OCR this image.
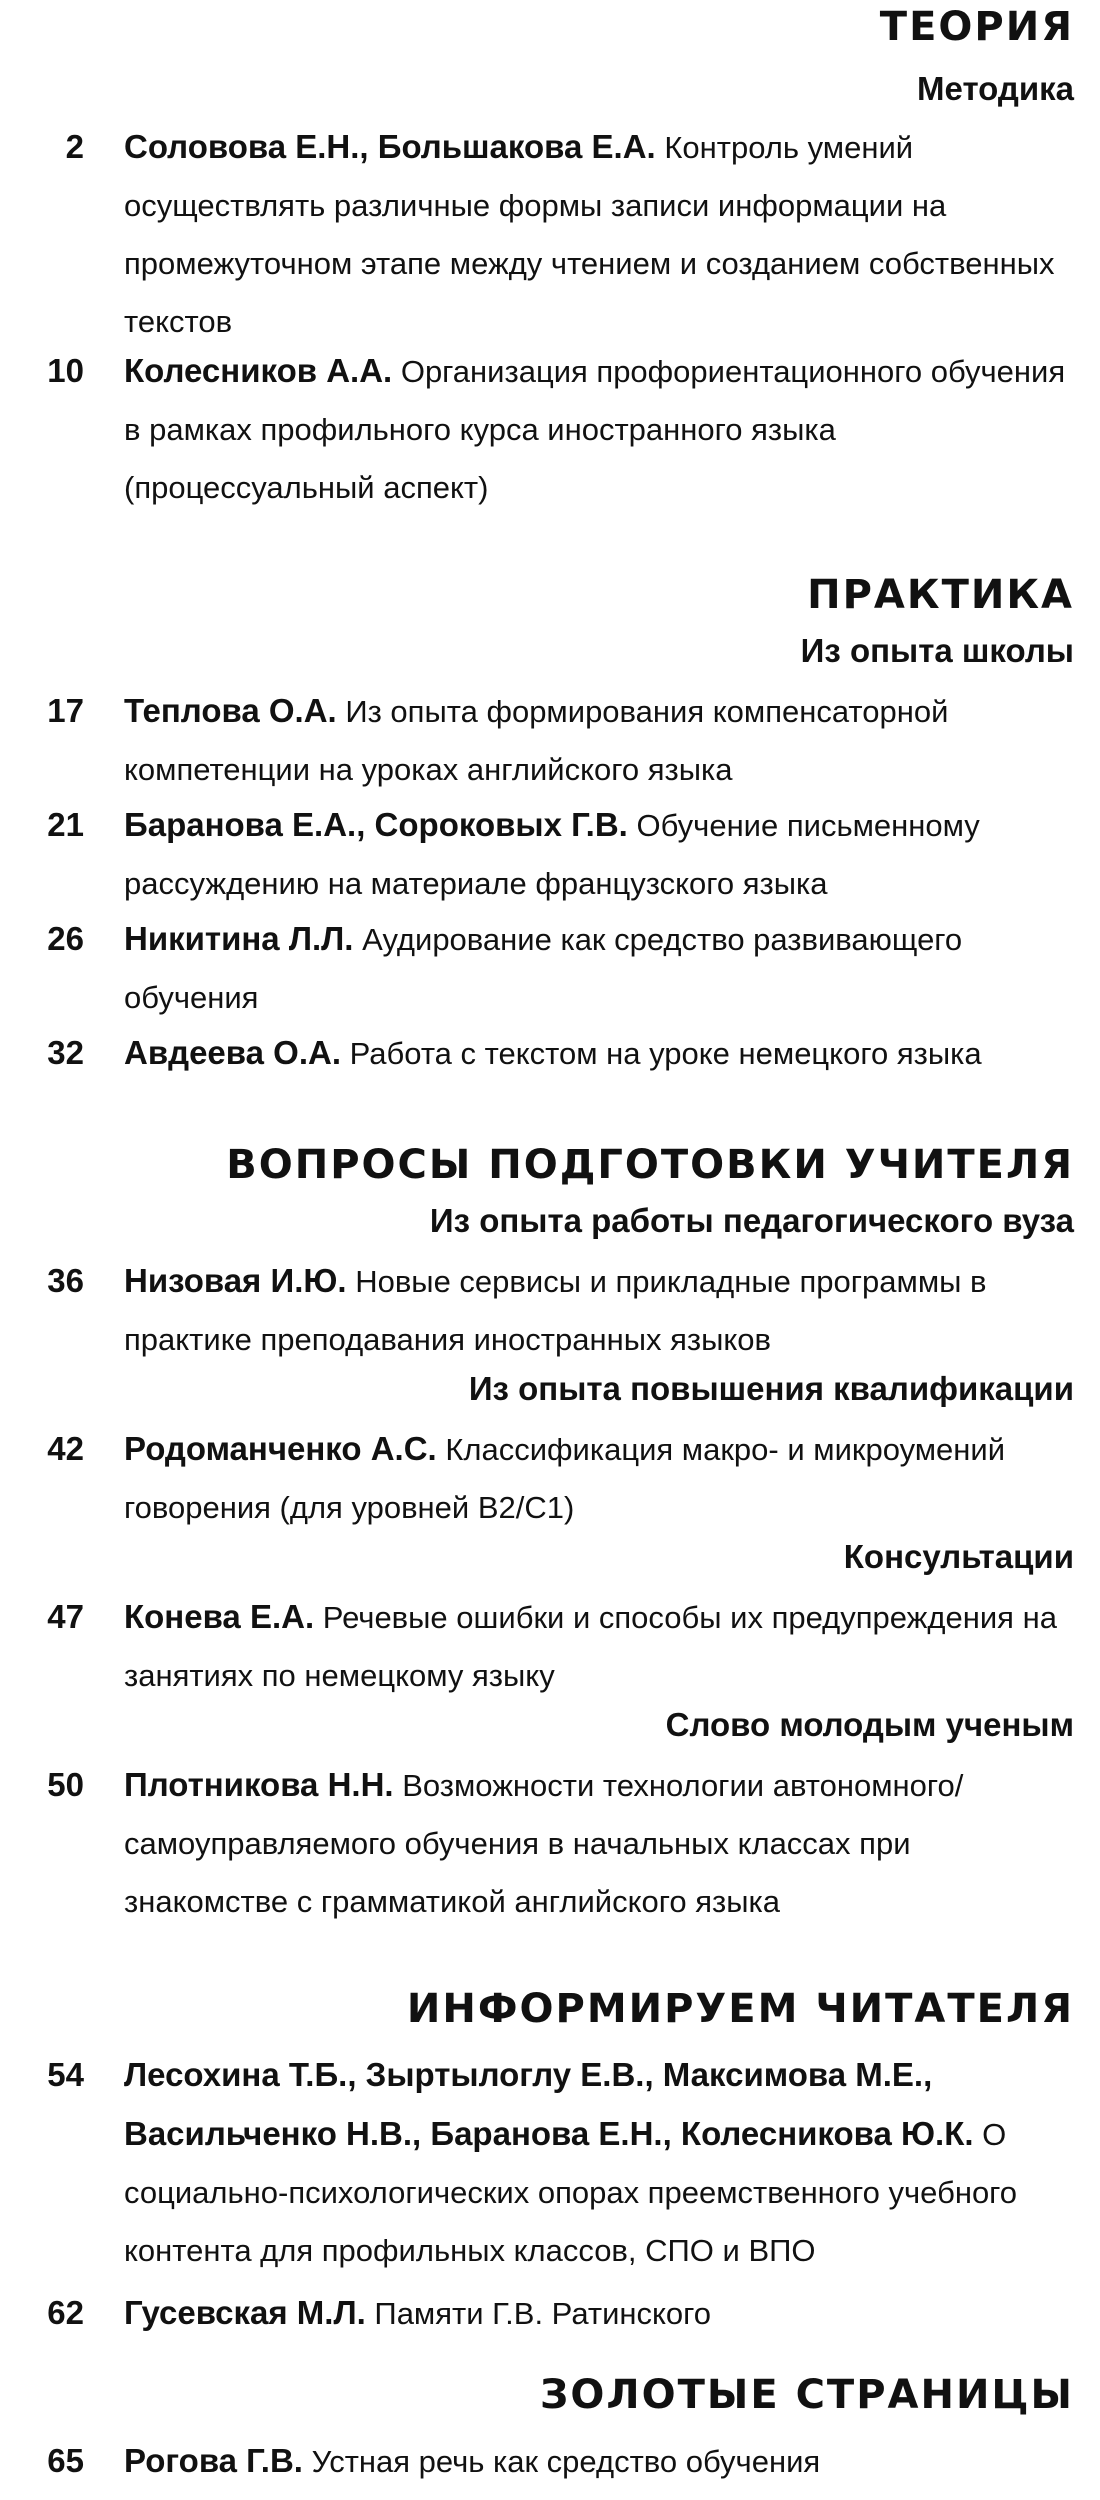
ТЕОРИЯ
Методика
2 Соловова Е.Н., Большакова Е.А. Контроль умений осуществлять различные формы записи информации на промежуточном этапе между чтением и созданием собственных текстов
10 Колесников А.А. Организация профориентационного обучения в рамках профильного курса иностранного языка (процессуальный аспект)
ПРАКТИКА
Из опыта школы
17 Теплова О.А. Из опыта формирования компенсаторной компетенции на уроках английского языка
21 Баранова Е.А., Сороковых Г.В. Обучение письменному рассуждению на материале французского языка
26 Никитина Л.Л. Аудирование как средство развивающего обучения
32 Авдеева О.А. Работа с текстом на уроке немецкого языка
ВОПРОСЫ ПОДГОТОВКИ УЧИТЕЛЯ
Из опыта работы педагогического вуза
36 Низовая И.Ю. Новые сервисы и прикладные программы в практике преподавания иностранных языков
Из опыта повышения квалификации
42 Родоманченко А.С. Классификация макро- и микроумений говорения (для уровней B2/C1)
Консультации
47 Конева Е.А. Речевые ошибки и способы их предупреждения на занятиях по немецкому языку
Слово молодым ученым
50 Плотникова Н.Н. Возможности технологии автономного/самоуправляемого обучения в начальных классах при знакомстве с грамматикой английского языка
ИНФОРМИРУЕМ ЧИТАТЕЛЯ
54 Лесохина Т.Б., Зыртылоглу Е.В., Максимова М.Е., Васильченко Н.В., Баранова Е.Н., Колесникова Ю.К. О социально-психологических опорах преемственного учебного контента для профильных классов, СПО и ВПО
62 Гусевская М.Л. Памяти Г.В. Ратинского
ЗОЛОТЫЕ СТРАНИЦЫ
65 Рогова Г.В. Устная речь как средство обучения
